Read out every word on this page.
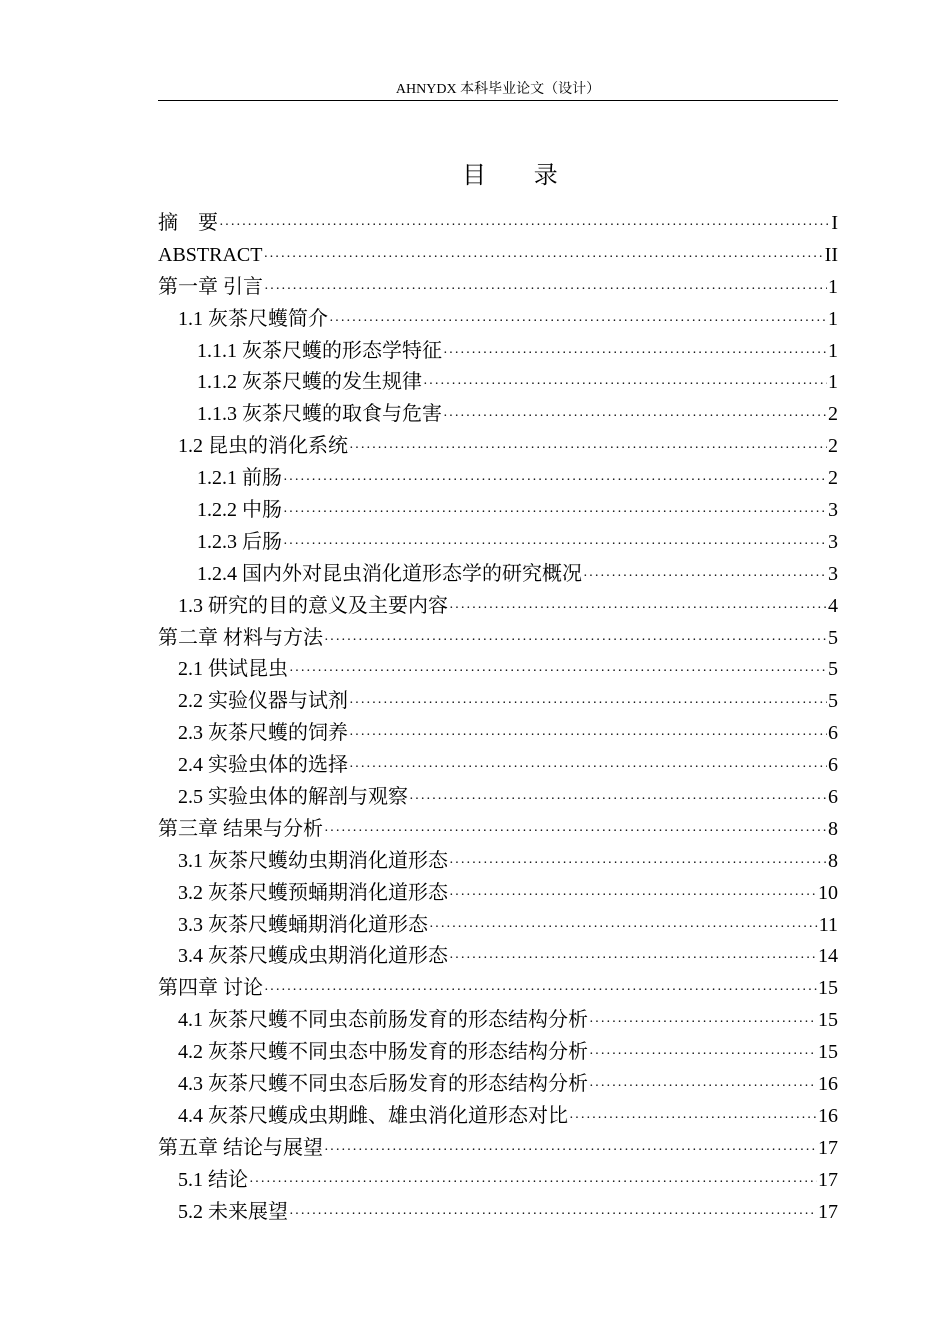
AHNYDX 本科毕业论文（设计）
目 录
摘　要 ·····	I
ABSTRACT ·····	II
第一章 引言 ·····	1
1.1 灰茶尺蠖简介 ·····	1
1.1.1 灰茶尺蠖的形态学特征 ·····	1
1.1.2 灰茶尺蠖的发生规律 ·····	1
1.1.3 灰茶尺蠖的取食与危害 ·····	2
1.2 昆虫的消化系统 ·····	2
1.2.1 前肠 ·····	2
1.2.2 中肠 ·····	3
1.2.3 后肠 ·····	3
1.2.4 国内外对昆虫消化道形态学的研究概况 ·····	3
1.3 研究的目的意义及主要内容 ·····	4
第二章 材料与方法 ·····	5
2.1 供试昆虫 ·····	5
2.2 实验仪器与试剂 ·····	5
2.3 灰茶尺蠖的饲养 ·····	6
2.4 实验虫体的选择 ·····	6
2.5 实验虫体的解剖与观察 ·····	6
第三章 结果与分析 ·····	8
3.1 灰茶尺蠖幼虫期消化道形态 ·····	8
3.2 灰茶尺蠖预蛹期消化道形态 ·····	10
3.3 灰茶尺蠖蛹期消化道形态 ·····	11
3.4 灰茶尺蠖成虫期消化道形态 ·····	14
第四章 讨论 ·····	15
4.1 灰茶尺蠖不同虫态前肠发育的形态结构分析 ·····	15
4.2 灰茶尺蠖不同虫态中肠发育的形态结构分析 ·····	15
4.3 灰茶尺蠖不同虫态后肠发育的形态结构分析 ·····	16
4.4 灰茶尺蠖成虫期雌、雄虫消化道形态对比 ·····	16
第五章 结论与展望 ·····	17
5.1 结论 ·····	17
5.2 未来展望 ·····	17
